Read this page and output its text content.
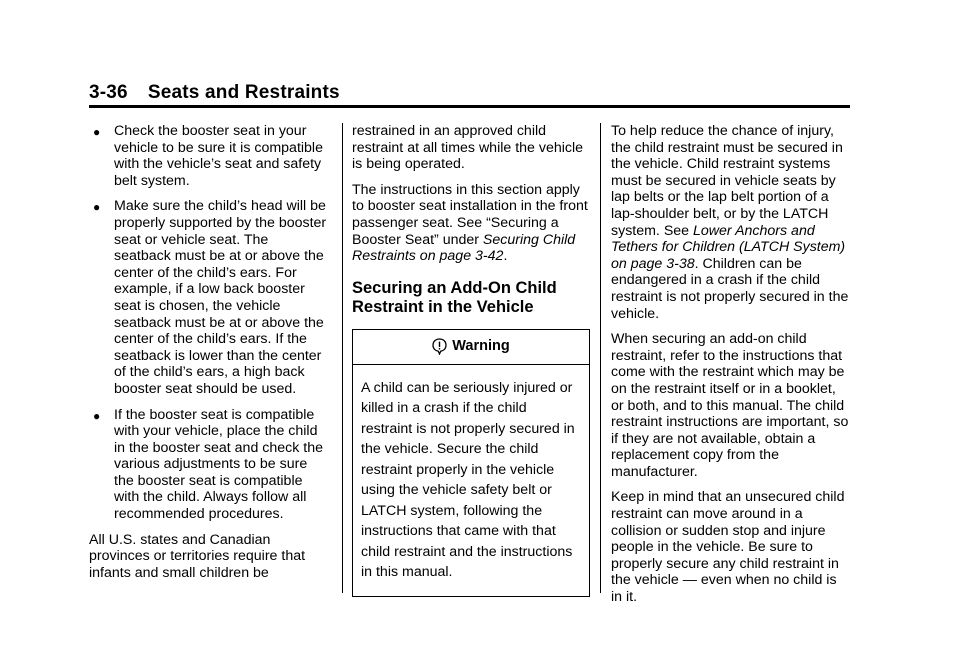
3-36 Seats and Restraints
● Check the booster seat in your vehicle to be sure it is compatible with the vehicle’s seat and safety belt system.
● Make sure the child’s head will be properly supported by the booster seat or vehicle seat. The seatback must be at or above the center of the child’s ears. For example, if a low back booster seat is chosen, the vehicle seatback must be at or above the center of the child’s ears. If the seatback is lower than the center of the child’s ears, a high back booster seat should be used.
● If the booster seat is compatible with your vehicle, place the child in the booster seat and check the various adjustments to be sure the booster seat is compatible with the child. Always follow all recommended procedures.

All U.S. states and Canadian provinces or territories require that infants and small children be

restrained in an approved child restraint at all times while the vehicle is being operated.

The instructions in this section apply to booster seat installation in the front passenger seat. See “Securing a Booster Seat” under Securing Child Restraints on page 3-42.

Securing an Add-On Child Restraint in the Vehicle
Warning
A child can be seriously injured or killed in a crash if the child restraint is not properly secured in the vehicle. Secure the child restraint properly in the vehicle using the vehicle safety belt or LATCH system, following the instructions that came with that child restraint and the instructions in this manual.

To help reduce the chance of injury, the child restraint must be secured in the vehicle. Child restraint systems must be secured in vehicle seats by lap belts or the lap belt portion of a lap-shoulder belt, or by the LATCH system. See Lower Anchors and Tethers for Children (LATCH System) on page 3-38. Children can be endangered in a crash if the child restraint is not properly secured in the vehicle.

When securing an add-on child restraint, refer to the instructions that come with the restraint which may be on the restraint itself or in a booklet, or both, and to this manual. The child restraint instructions are important, so if they are not available, obtain a replacement copy from the manufacturer.

Keep in mind that an unsecured child restraint can move around in a collision or sudden stop and injure people in the vehicle. Be sure to properly secure any child restraint in the vehicle — even when no child is in it.
